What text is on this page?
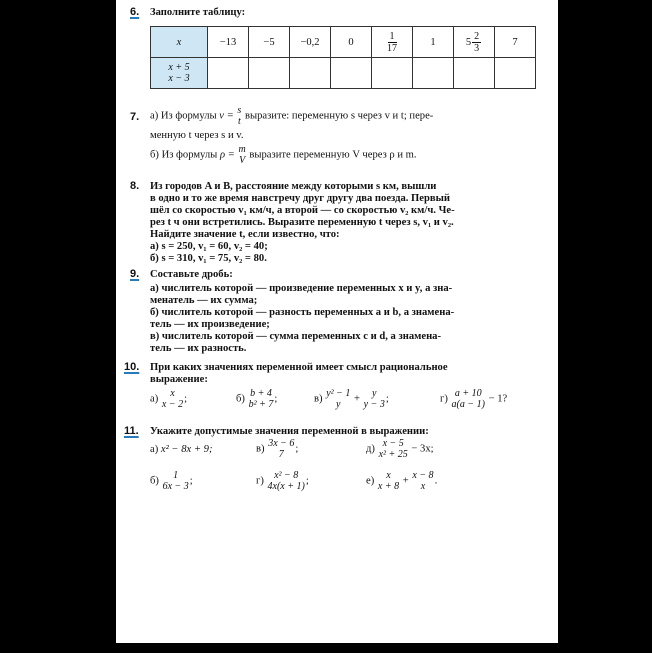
6. Заполните таблицу:
x	−13	−5	−0,2	0	$\frac{1}{17}$	1	$5 \frac{2}{3}$	7

x + 5
x − 3								

7. а) Из формулы v = s
t
выразите: переменную s через v и t; пере-
менную t через s и v.
б) Из формулы ρ = m
V
выразите переменную V через ρ и m.
8. Из городов A и B, расстояние между которыми s км, вышли
в одно и то же время навстречу друг другу два поезда. Первый
шёл со скоростью v₁ км/ч, а второй — со скоростью v₂ км/ч. Че-
рез t ч они встретились. Выразите переменную t через s, v₁ и v₂.
Найдите значение t, если известно, что:
а) s = 250, v₁ = 60, v₂ = 40;
б) s = 310, v₁ = 75, v₂ = 80.
9. Составьте дробь:
а) числитель которой — произведение переменных x и y, а зна-
менатель — их сумма;
б) числитель которой — разность переменных a и b, а знамена-
тель — их произведение;
в) числитель которой — сумма переменных c и d, а знамена-
тель — их разность.
10. При каких значениях переменной имеет смысл рациональное
выражение:
а) x
x − 2
;	б) b + 4
b² + 7
;	в) y² − 1
y
+ y
y − 3
;	г) a + 10
a(a − 1)
− 1?
11. Укажите допустимые значения переменной в выражении:
а) x² − 8x + 9;	в) 3x − 6
7
;	д) x − 5
x² + 25
− 3x;
б) 1
6x − 3
;	г) x² − 8
4x(x + 1)
;	е) x
x + 8
+ x − 8
x
.
